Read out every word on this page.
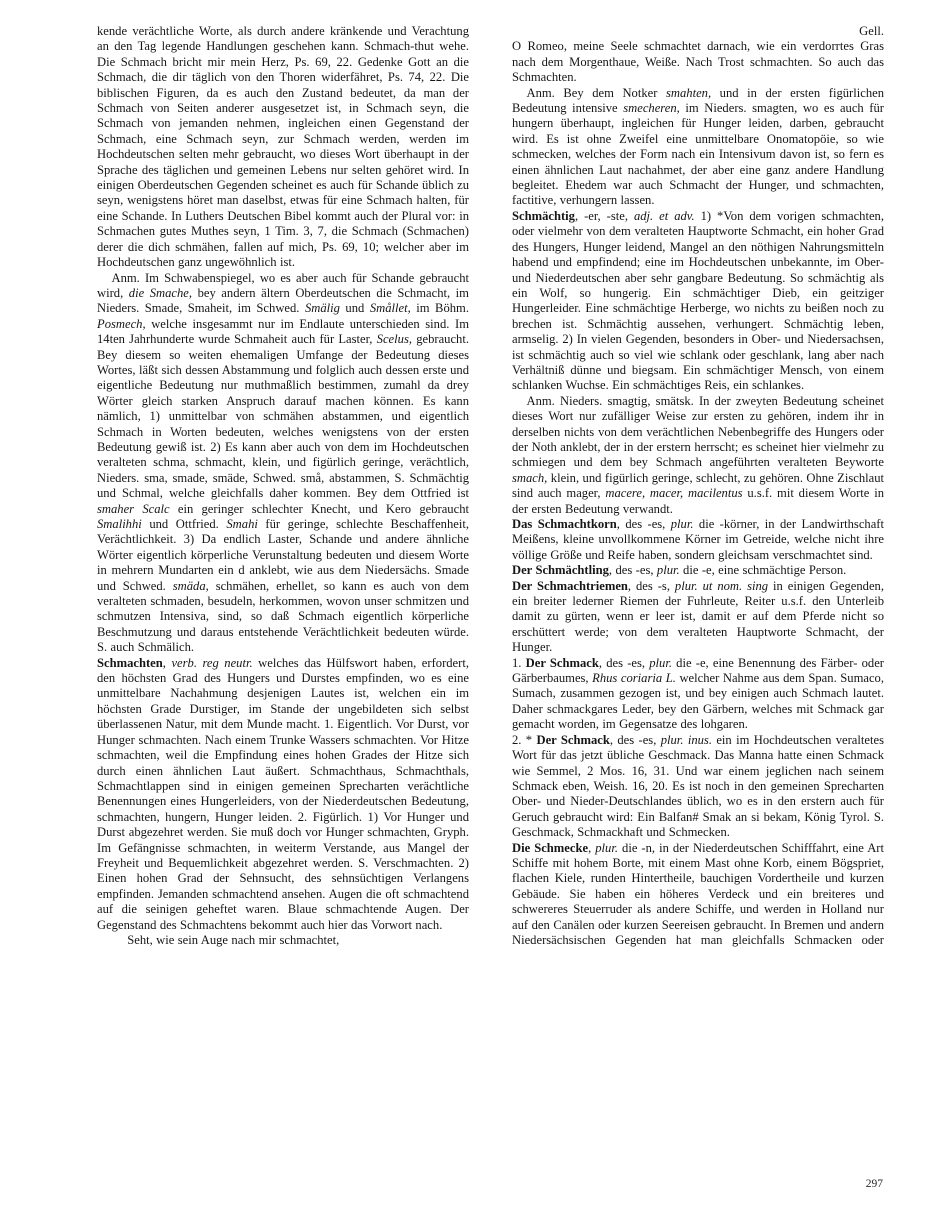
kende verächtliche Worte, als durch andere kränkende und Verachtung an den Tag legende Handlungen geschehen kann. Schmach-thut wehe. Die Schmach bricht mir mein Herz, Ps. 69, 22. Gedenke Gott an die Schmach, die dir täglich von den Thoren widerfähret, Ps. 74, 22. Die biblischen Figuren, da es auch den Zustand bedeutet, da man der Schmach von Seiten anderer ausgesetzet ist, in Schmach seyn, die Schmach von jemanden nehmen, ingleichen einen Gegenstand der Schmach, eine Schmach seyn, zur Schmach werden, werden im Hochdeutschen selten mehr gebraucht, wo dieses Wort überhaupt in der Sprache des täglichen und gemeinen Lebens nur selten gehöret wird. In einigen Oberdeutschen Gegenden scheinet es auch für Schande üblich zu seyn, wenigstens höret man daselbst, etwas für eine Schmach halten, für eine Schande. In Luthers Deutschen Bibel kommt auch der Plural vor: in Schmachen gutes Muthes seyn, 1 Tim. 3, 7, die Schmach (Schmachen) derer die dich schmähen, fallen auf mich, Ps. 69, 10; welcher aber im Hochdeutschen ganz ungewöhnlich ist.

Anm. Im Schwabenspiegel, wo es aber auch für Schande gebraucht wird, die Smache, bey andern ältern Oberdeutschen die Schmacht, im Nieders. Smade, Smaheit, im Schwed. Smälig und Smållet, im Böhm. Posmech, welche insgesammt nur im Endlaute unterschieden sind. Im 14ten Jahrhunderte wurde Schmaheit auch für Laster, Scelus, gebraucht. Bey diesem so weiten ehemaligen Umfange der Bedeutung dieses Wortes, läßt sich dessen Abstammung und folglich auch dessen erste und eigentliche Bedeutung nur muthmaßlich bestimmen, zumahl da drey Wörter gleich starken Anspruch darauf machen können. Es kann nämlich, 1) unmittelbar von schmähen abstammen, und eigentlich Schmach in Worten bedeuten, welches wenigstens von der ersten Bedeutung gewiß ist. 2) Es kann aber auch von dem im Hochdeutschen veralteten schma, schmacht, klein, und figürlich geringe, verächtlich, Nieders. sma, smade, smäde, Schwed. små, abstammen, S. Schmächtig und Schmal, welche gleichfalls daher kommen. Bey dem Ottfried ist smaher Scalc ein geringer schlechter Knecht, und Kero gebraucht Smalihhi und Ottfried. Smahi für geringe, schlechte Beschaffenheit, Verächtlichkeit. 3) Da endlich Laster, Schande und andere ähnliche Wörter eigentlich körperliche Verunstaltung bedeuten und diesem Worte in mehrern Mundarten ein d anklebt, wie aus dem Niedersächs. Smade und Schwed. smäda, schmähen, erhellet, so kann es auch von dem veralteten schmaden, besudeln, herkommen, wovon unser schmitzen und schmutzen Intensiva, sind, so daß Schmach eigentlich körperliche Beschmutzung und daraus entstehende Verächtlichkeit bedeuten würde. S. auch Schmälich.

Schmachten, verb. reg neutr. welches das Hülfswort haben, erfordert, den höchsten Grad des Hungers und Durstes empfinden, wo es eine unmittelbare Nachahmung desjenigen Lautes ist, welchen ein im höchsten Grade Durstiger, im Stande der ungebildeten sich selbst überlassenen Natur, mit dem Munde macht. 1. Eigentlich. Vor Durst, vor Hunger schmachten. Nach einem Trunke Wassers schmachten. Vor Hitze schmachten, weil die Empfindung eines hohen Grades der Hitze sich durch einen ähnlichen Laut äußert. Schmachthaus, Schmachthals, Schmachtlappen sind in einigen gemeinen Sprecharten verächtliche Benennungen eines Hungerleiders, von der Niederdeutschen Bedeutung, schmachten, hungern, Hunger leiden. 2. Figürlich. 1) Vor Hunger und Durst abgezehret werden. Sie muß doch vor Hunger schmachten, Gryph. Im Gefängnisse schmachten, in weiterm Verstande, aus Mangel der Freyheit und Bequemlichkeit abgezehret werden. S. Verschmachten. 2) Einen hohen Grad der Sehnsucht, des sehnsüchtigen Verlangens empfinden. Jemanden schmachtend ansehen. Augen die oft schmachtend auf die seinigen geheftet waren. Blaue schmachtende Augen. Der Gegenstand des Schmachtens bekommt auch hier das Vorwort nach.

Seht, wie sein Auge nach mir schmachtet,

Gell.

O Romeo, meine Seele schmachtet darnach, wie ein verdorrtes Gras nach dem Morgenthaue, Weiße. Nach Trost schmachten. So auch das Schmachten.

Anm. Bey dem Notker smahten, und in der ersten figürlichen Bedeutung intensive smecheren, im Nieders. smagten, wo es auch für hungern überhaupt, ingleichen für Hunger leiden, darben, gebraucht wird. Es ist ohne Zweifel eine unmittelbare Onomatopöie, so wie schmecken, welches der Form nach ein Intensivum davon ist, so fern es einen ähnlichen Laut nachahmet, der aber eine ganz andere Handlung begleitet. Ehedem war auch Schmacht der Hunger, und schmachten, factitive, verhungern lassen.

Schmächtig, -er, -ste, adj. et adv. 1) *Von dem vorigen schmachten, oder vielmehr von dem veralteten Hauptworte Schmacht, ein hoher Grad des Hungers, Hunger leidend, Mangel an den nöthigen Nahrungsmitteln habend und empfindend; eine im Hochdeutschen unbekannte, im Ober- und Niederdeutschen aber sehr gangbare Bedeutung. So schmächtig als ein Wolf, so hungerig. Ein schmächtiger Dieb, ein geitziger Hungerleider. Eine schmächtige Herberge, wo nichts zu beißen noch zu brechen ist. Schmächtig aussehen, verhungert. Schmächtig leben, armselig. 2) In vielen Gegenden, besonders in Ober- und Niedersachsen, ist schmächtig auch so viel wie schlank oder geschlank, lang aber nach Verhältniß dünne und biegsam. Ein schmächtiger Mensch, von einem schlanken Wuchse. Ein schmächtiges Reis, ein schlankes.

Anm. Nieders. smagtig, smätsk. In der zweyten Bedeutung scheinet dieses Wort nur zufälliger Weise zur ersten zu gehören, indem ihr in derselben nichts von dem verächtlichen Nebenbegriffe des Hungers oder der Noth anklebt, der in der erstern herrscht; es scheinet hier vielmehr zu schmiegen und dem bey Schmach angeführten veralteten Beyworte smach, klein, und figürlich geringe, schlecht, zu gehören. Ohne Zischlaut sind auch mager, macere, macer, macilentus u.s.f. mit diesem Worte in der ersten Bedeutung verwandt.

Das Schmachtkorn, des -es, plur. die -körner, in der Landwirthschaft Meißens, kleine unvollkommene Körner im Getreide, welche nicht ihre völlige Größe und Reife haben, sondern gleichsam verschmachtet sind.

Der Schmächtling, des -es, plur. die -e, eine schmächtige Person.

Der Schmachtriemen, des -s, plur. ut nom. sing in einigen Gegenden, ein breiter lederner Riemen der Fuhrleute, Reiter u.s.f. den Unterleib damit zu gürten, wenn er leer ist, damit er auf dem Pferde nicht so erschüttert werde; von dem veralteten Hauptworte Schmacht, der Hunger.

1. Der Schmack, des -es, plur. die -e, eine Benennung des Färber- oder Gärberbaumes, Rhus coriaria L. welcher Nahme aus dem Span. Sumaco, Sumach, zusammen gezogen ist, und bey einigen auch Schmach lautet. Daher schmackgares Leder, bey den Gärbern, welches mit Schmack gar gemacht worden, im Gegensatze des lohgaren.

2. * Der Schmack, des -es, plur. inus. ein im Hochdeutschen veraltetes Wort für das jetzt übliche Geschmack. Das Manna hatte einen Schmack wie Semmel, 2 Mos. 16, 31. Und war einem jeglichen nach seinem Schmack eben, Weish. 16, 20. Es ist noch in den gemeinen Sprecharten Ober- und Nieder-Deutschlandes üblich, wo es in den erstern auch für Geruch gebraucht wird: Ein Balfan# Smak an si bekam, König Tyrol. S. Geschmack, Schmackhaft und Schmecken.

Die Schmecke, plur. die -n, in der Niederdeutschen Schifffahrt, eine Art Schiffe mit hohem Borte, mit einem Mast ohne Korb, einem Bögspriet, flachen Kiele, runden Hintertheile, bauchigen Vordertheile und kurzen Gebäude. Sie haben ein höheres Verdeck und ein breiteres und schwereres Steuerruder als andere Schiffe, und werden in Holland nur auf den Canälen oder kurzen Seereisen gebraucht. In Bremen und andern Niedersächsischen Gegenden hat man gleichfalls Schmacken oder

297
